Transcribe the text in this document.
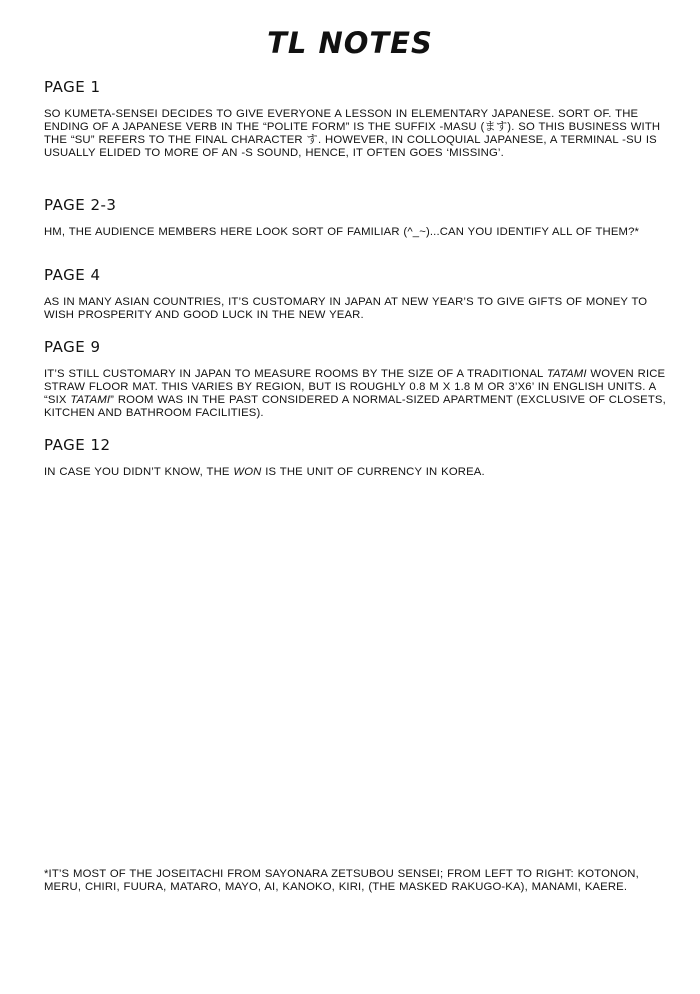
TL NOTES
PAGE 1

SO KUMETA-SENSEI DECIDES TO GIVE EVERYONE A LESSON IN ELEMENTARY JAPANESE. SORT OF. THE ENDING OF A JAPANESE VERB IN THE “POLITE FORM” IS THE SUFFIX -MASU (ます). SO THIS BUSINESS WITH THE “SU” REFERS TO THE FINAL CHARACTER す. HOWEVER, IN COLLOQUIAL JAPANESE, A TERMINAL -SU IS USUALLY ELIDED TO MORE OF AN -S SOUND, HENCE, IT OFTEN GOES ‘MISSING’.

PAGE 2-3

HM, THE AUDIENCE MEMBERS HERE LOOK SORT OF FAMILIAR (^_~)...CAN YOU IDENTIFY ALL OF THEM?*

PAGE 4

AS IN MANY ASIAN COUNTRIES, IT’S CUSTOMARY IN JAPAN AT NEW YEAR’S TO GIVE GIFTS OF MONEY TO WISH PROSPERITY AND GOOD LUCK IN THE NEW YEAR.

PAGE 9

IT’S STILL CUSTOMARY IN JAPAN TO MEASURE ROOMS BY THE SIZE OF A TRADITIONAL TATAMI WOVEN RICE STRAW FLOOR MAT. THIS VARIES BY REGION, BUT IS ROUGHLY 0.8 M X 1.8 M OR 3’X6’ IN ENGLISH UNITS. A “SIX TATAMI” ROOM WAS IN THE PAST CONSIDERED A NORMAL-SIZED APARTMENT (EXCLUSIVE OF CLOSETS, KITCHEN AND BATHROOM FACILITIES).

PAGE 12

IN CASE YOU DIDN’T KNOW, THE WON IS THE UNIT OF CURRENCY IN KOREA.

*IT’S MOST OF THE JOSEITACHI FROM SAYONARA ZETSUBOU SENSEI; FROM LEFT TO RIGHT: KOTONON, MERU, CHIRI, FUURA, MATARO, MAYO, AI, KANOKO, KIRI, (THE MASKED RAKUGO-KA), MANAMI, KAERE.
